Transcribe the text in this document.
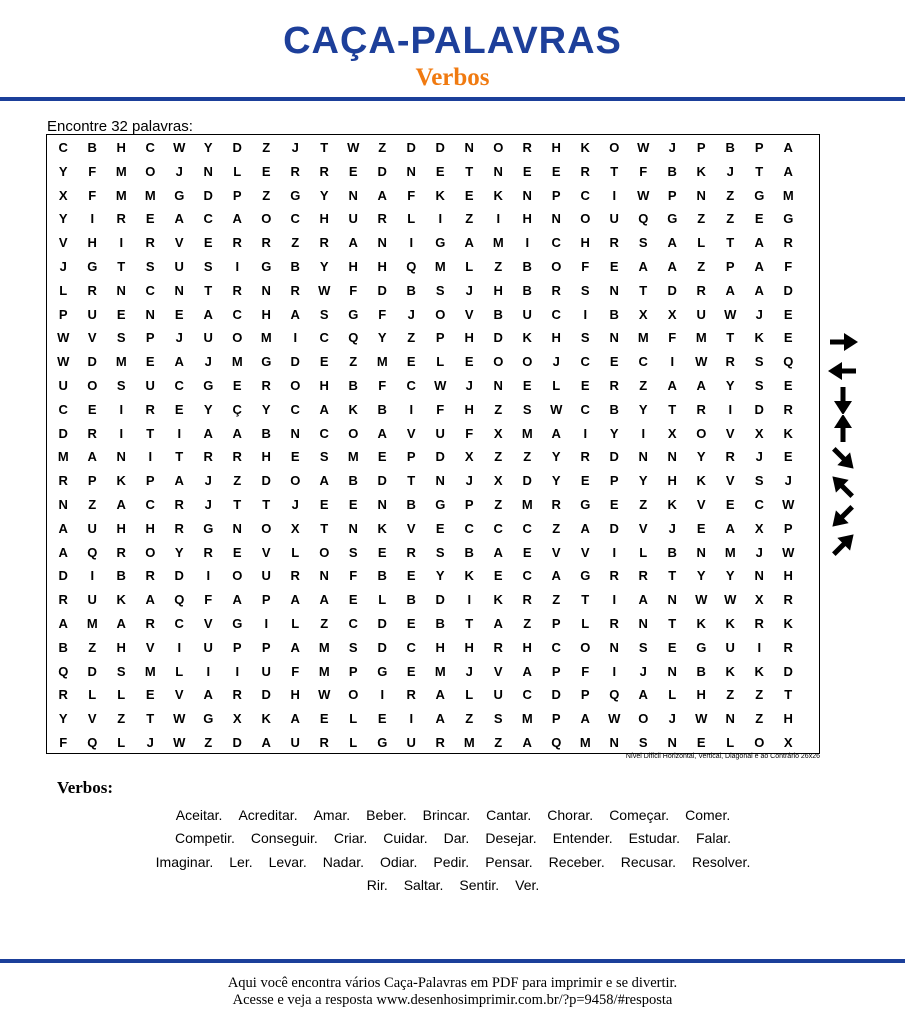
CAÇA-PALAVRAS
Verbos
Encontre 32 palavras:
C	B	H	C	W	Y	D	Z	J	T	W	Z	D	D	N	O	R	H	K	O	W	J	P	B	P	A
Y	F	M	O	J	N	L	E	R	R	E	D	N	E	T	N	E	E	R	T	F	B	K	J	T	A
X	F	M	M	G	D	P	Z	G	Y	N	A	F	K	E	K	N	P	C	I	W	P	N	Z	G	M
Y	I	R	E	A	C	A	O	C	H	U	R	L	I	Z	I	H	N	O	U	Q	G	Z	Z	E	G
V	H	I	R	V	E	R	R	Z	R	A	N	I	G	A	M	I	C	H	R	S	A	L	T	A	R
J	G	T	S	U	S	I	G	B	Y	H	H	Q	M	L	Z	B	O	F	E	A	A	Z	P	A	F
L	R	N	C	N	T	R	N	R	W	F	D	B	S	J	H	B	R	S	N	T	D	R	A	A	D
P	U	E	N	E	A	C	H	A	S	G	F	J	O	V	B	U	C	I	B	X	X	U	W	J	E
W	V	S	P	J	U	O	M	I	C	Q	Y	Z	P	H	D	K	H	S	N	M	F	M	T	K	E
W	D	M	E	A	J	M	G	D	E	Z	M	E	L	E	O	O	J	C	E	C	I	W	R	S	Q
U	O	S	U	C	G	E	R	O	H	B	F	C	W	J	N	E	L	E	R	Z	A	A	Y	S	E
C	E	I	R	E	Y	Ç	Y	C	A	K	B	I	F	H	Z	S	W	C	B	Y	T	R	I	D	R
D	R	I	T	I	A	A	B	N	C	O	A	V	U	F	X	M	A	I	Y	I	X	O	V	X	K
M	A	N	I	T	R	R	H	E	S	M	E	P	D	X	Z	Z	Y	R	D	N	N	Y	R	J	E
R	P	K	P	A	J	Z	D	O	A	B	D	T	N	J	X	D	Y	E	P	Y	H	K	V	S	J
N	Z	A	C	R	J	T	T	J	E	E	N	B	G	P	Z	M	R	G	E	Z	K	V	E	C	W
A	U	H	H	R	G	N	O	X	T	N	K	V	E	C	C	C	Z	A	D	V	J	E	A	X	P
A	Q	R	O	Y	R	E	V	L	O	S	E	R	S	B	A	E	V	V	I	L	B	N	M	J	W
D	I	B	R	D	I	O	U	R	N	F	B	E	Y	K	E	C	A	G	R	R	T	Y	Y	N	H
R	U	K	A	Q	F	A	P	A	A	E	L	B	D	I	K	R	Z	T	I	A	N	W	W	X	R
A	M	A	R	C	V	G	I	L	Z	C	D	E	B	T	A	Z	P	L	R	N	T	K	K	R	K
B	Z	H	V	I	U	P	P	A	M	S	D	C	H	H	R	H	C	O	N	S	E	G	U	I	R
Q	D	S	M	L	I	I	U	F	M	P	G	E	M	J	V	A	P	F	I	J	N	B	K	K	D
R	L	L	E	V	A	R	D	H	W	O	I	R	A	L	U	C	D	P	Q	A	L	H	Z	Z	T
Y	V	Z	T	W	G	X	K	A	E	L	E	I	A	Z	S	M	P	A	W	O	J	W	N	Z	H
F	Q	L	J	W	Z	D	A	U	R	L	G	U	R	M	Z	A	Q	M	N	S	N	E	L	O	X
Nível Difícil Horizontal, Vertical, Diagonal e ao Contrário 26x26
Verbos:
Aceitar. Acreditar. Amar. Beber. Brincar. Cantar. Chorar. Começar. Comer.
Competir. Conseguir. Criar. Cuidar. Dar. Desejar. Entender. Estudar. Falar.
Imaginar. Ler. Levar. Nadar. Odiar. Pedir. Pensar. Receber. Recusar. Resolver.
Rir. Saltar. Sentir. Ver.
Aqui você encontra vários Caça-Palavras em PDF para imprimir e se divertir.
Acesse e veja a resposta www.desenhosimprimir.com.br/?p=9458/#resposta
